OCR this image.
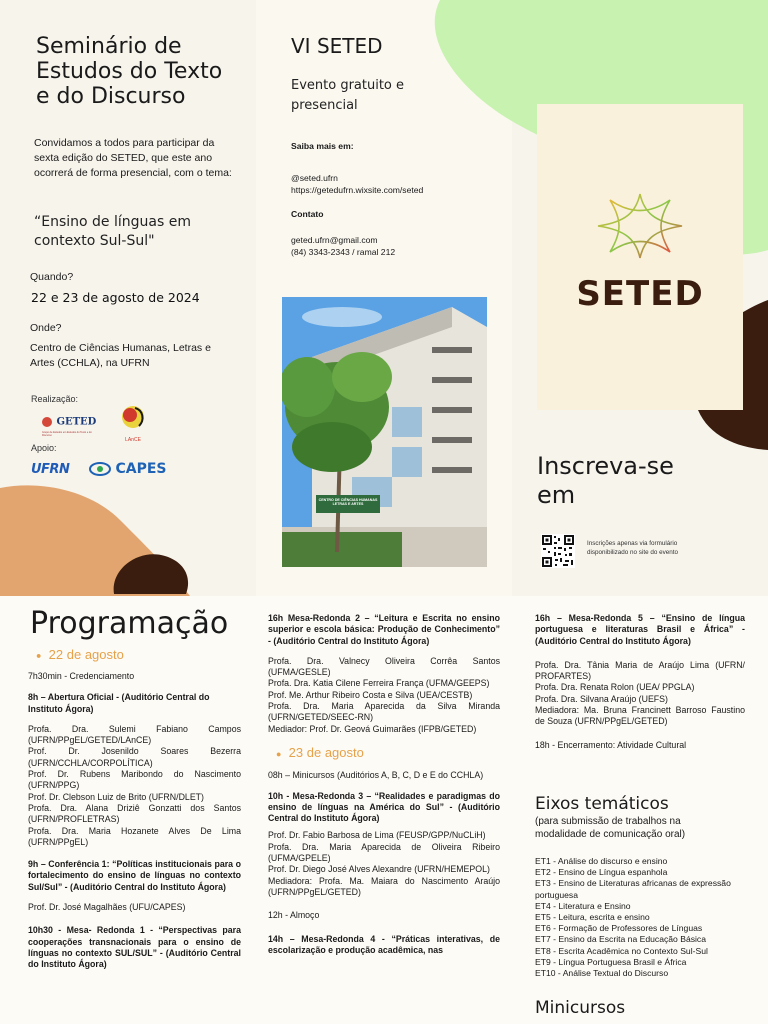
Seminário de
Estudos do Texto
e do Discurso
Convidamos a todos para participar da sexta edição do SETED, que este ano ocorrerá de forma presencial, com o tema:
“Ensino de línguas em
contexto Sul-Sul"
Quando?
22 e 23 de agosto de 2024
Onde?
Centro de Ciências Humanas, Letras e Artes (CCHLA), na UFRN
Realização:
GETED
Grupo de Estudos em Estudos do Texto e do Discurso
LAnCE
Apoio:
UFRN	CAPES
VI SETED
Evento gratuito e
presencial
Saiba mais em:
@seted.ufrn
https://getedufrn.wixsite.com/seted
Contato
geted.ufrn@gmail.com
(84) 3343-2343 / ramal 212
CENTRO DE CIÊNCIAS HUMANAS LETRAS E ARTES
SETED
Inscreva-se
em
Inscrições apenas via formulário
disponibilizado no site do evento
Programação
● 22 de agosto

7h30min - Credenciamento

8h – Abertura Oficial - (Auditório Central do Instituto Ágora)

Profa. Dra. Sulemi Fabiano Campos (UFRN/PPgEL/GETED/LAnCE)

Prof. Dr. Josenildo Soares Bezerra (UFRN/CCHLA/CORPOLÍTICA)

Prof. Dr. Rubens Maribondo do Nascimento (UFRN/PPG)

Prof. Dr. Clebson Luiz de Brito (UFRN/DLET)

Profa. Dra. Alana Driziê Gonzatti dos Santos (UFRN/PROFLETRAS)

Profa. Dra. Maria Hozanete Alves De Lima (UFRN/PPgEL)

9h – Conferência 1: “Políticas institucionais para o fortalecimento do ensino de línguas no contexto Sul/Sul” - (Auditório Central do Instituto Ágora)

Prof. Dr. José Magalhães (UFU/CAPES)

10h30 - Mesa- Redonda 1 - “Perspectivas para cooperações transnacionais para o ensino de línguas no contexto SUL/SUL” - (Auditório Central do Instituto Ágora)

16h Mesa-Redonda 2 – “Leitura e Escrita no ensino superior e escola básica: Produção de Conhecimento” - (Auditório Central do Instituto Ágora)

Profa. Dra. Valnecy Oliveira Corrêa Santos (UFMA/GESLE)

Profa. Dra. Katia Cilene Ferreira França (UFMA/GEEPS)

Prof. Me. Arthur Ribeiro Costa e Silva (UEA/CESTB)

Profa. Dra. Maria Aparecida da Silva Miranda (UFRN/GETED/SEEC-RN)

Mediador: Prof. Dr. Geová Guimarães (IFPB/GETED)

● 23 de agosto

08h – Minicursos (Auditórios A, B, C, D e E do CCHLA)

10h - Mesa-Redonda 3 – “Realidades e paradigmas do ensino de línguas na América do Sul” - (Auditório Central do Instituto Ágora)

Prof. Dr. Fabio Barbosa de Lima (FEUSP/GPP/NuCLiH)

Profa. Dra. Maria Aparecida de Oliveira Ribeiro (UFMA/GPELE)

Prof. Dr. Diego José Alves Alexandre (UFRN/HEMEPOL)

Mediadora: Profa. Ma. Maiara do Nascimento Araújo (UFRN/PPgEL/GETED)

12h - Almoço

14h – Mesa-Redonda 4 - “Práticas interativas, de escolarização e produção acadêmica, nas

16h – Mesa-Redonda 5 – “Ensino de língua portuguesa e literaturas Brasil e África” - (Auditório Central do Instituto Ágora)

Profa. Dra. Tânia Maria de Araújo Lima (UFRN/ PROFARTES)

Profa. Dra. Renata Rolon (UEA/ PPGLA)

Profa. Dra. Silvana Araújo (UEFS)

Mediadora: Ma. Bruna Francinett Barroso Faustino de Souza (UFRN/PPgEL/GETED)

18h - Encerramento: Atividade Cultural

Eixos temáticos
(para submissão de trabalhos na
modalidade de comunicação oral)
ET1 - Análise do discurso e ensino
ET2 - Ensino de Língua espanhola
ET3 - Ensino de Literaturas africanas de expressão portuguesa
ET4 - Literatura e Ensino
ET5 - Leitura, escrita e ensino
ET6 - Formação de Professores de Línguas
ET7 - Ensino da Escrita na Educação Básica
ET8 - Escrita Acadêmica no Contexto Sul-Sul
ET9 - Língua Portuguesa Brasil e África
ET10 - Análise Textual do Discurso
Minicursos
